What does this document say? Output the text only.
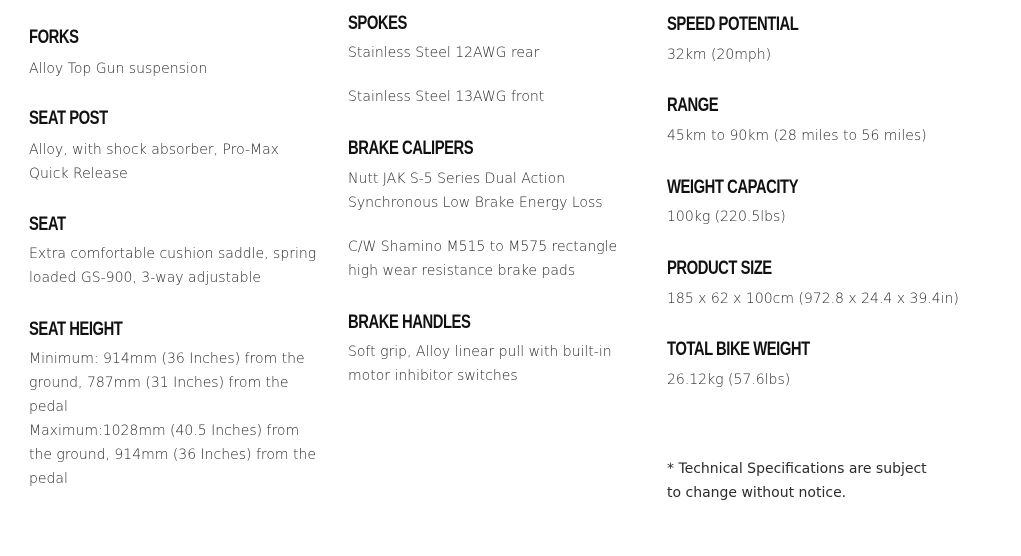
FORKS

Alloy Top Gun suspension

SEAT POST

Alloy, with shock absorber, Pro-Max

Quick Release

SEAT

Extra comfortable cushion saddle, spring

loaded GS-900, 3-way adjustable

SEAT HEIGHT

Minimum: 914mm (36 Inches) from the

ground, 787mm (31 Inches) from the

pedal

Maximum:1028mm (40.5 Inches) from

the ground, 914mm (36 Inches) from the

pedal

SPOKES

Stainless Steel 12AWG rear

Stainless Steel 13AWG front

BRAKE CALIPERS

Nutt JAK S-5 Series Dual Action

Synchronous Low Brake Energy Loss

C/W Shamino M515 to M575 rectangle

high wear resistance brake pads

BRAKE HANDLES

Soft grip, Alloy linear pull with built-in

motor inhibitor switches

SPEED POTENTIAL

32km (20mph)

RANGE

45km to 90km (28 miles to 56 miles)

WEIGHT CAPACITY

100kg (220.5lbs)

PRODUCT SIZE

185 x 62 x 100cm (972.8 x 24.4 x 39.4in)

TOTAL BIKE WEIGHT

26.12kg (57.6lbs)

* Technical Specifications are subject
to change without notice.
